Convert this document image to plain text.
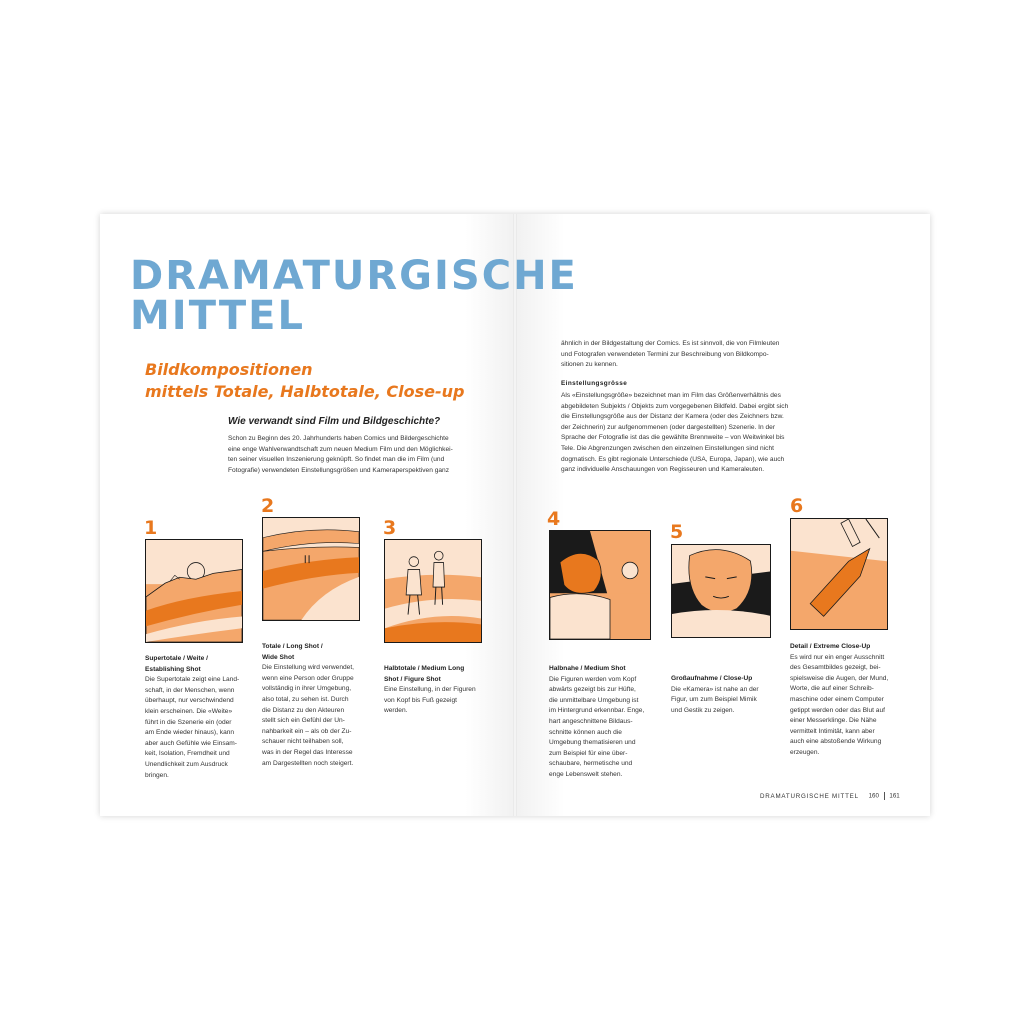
DRAMATURGISCHE
MITTEL
Bildkompositionen
mittels Totale, Halbtotale, Close-up
Wie verwandt sind Film und Bildgeschichte?
Schon zu Beginn des 20. Jahrhunderts haben Comics und Bildergeschichte
eine enge Wahlverwandtschaft zum neuen Medium Film und den Möglichkei-
ten seiner visuellen Inszenierung geknüpft. So findet man die im Film (und
Fotografie) verwendeten Einstellungsgrößen und Kameraperspektiven ganz
ähnlich in der Bildgestaltung der Comics. Es ist sinnvoll, die von Filmleuten
und Fotografen verwendeten Termini zur Beschreibung von Bildkompo-
sitionen zu kennen.
Einstellungsgrösse
Als «Einstellungsgröße» bezeichnet man im Film das Größenverhältnis des
abgebildeten Subjekts / Objekts zum vorgegebenen Bildfeld. Dabei ergibt sich
die Einstellungsgröße aus der Distanz der Kamera (oder des Zeichners bzw.
der Zeichnerin) zur aufgenommenen (oder dargestellten) Szenerie. In der
Sprache der Fotografie ist das die gewählte Brennweite – von Weitwinkel bis
Tele. Die Abgrenzungen zwischen den einzelnen Einstellungen sind nicht
dogmatisch. Es gibt regionale Unterschiede (USA, Europa, Japan), wie auch
ganz individuelle Anschauungen von Regisseuren und Kameraleuten.
1
Supertotale / Weite /
Establishing Shot
Die Supertotale zeigt eine Land-
schaft, in der Menschen, wenn
überhaupt, nur verschwindend
klein erscheinen. Die «Weite»
führt in die Szenerie ein (oder
am Ende wieder hinaus), kann
aber auch Gefühle wie Einsam-
keit, Isolation, Fremdheit und
Unendlichkeit zum Ausdruck
bringen.
2
Totale / Long Shot /
Wide Shot
Die Einstellung wird verwendet,
wenn eine Person oder Gruppe
vollständig in ihrer Umgebung,
also total, zu sehen ist. Durch
die Distanz zu den Akteuren
stellt sich ein Gefühl der Un-
nahbarkeit ein – als ob der Zu-
schauer nicht teilhaben soll,
was in der Regel das Interesse
am Dargestellten noch steigert.
3
Halbtotale / Medium Long
Shot / Figure Shot
Eine Einstellung, in der Figuren
von Kopf bis Fuß gezeigt
werden.
4
Halbnahe / Medium Shot
Die Figuren werden vom Kopf
abwärts gezeigt bis zur Hüfte,
die unmittelbare Umgebung ist
im Hintergrund erkennbar. Enge,
hart angeschnittene Bildaus-
schnitte können auch die
Umgebung thematisieren und
zum Beispiel für eine über-
schaubare, hermetische und
enge Lebenswelt stehen.
5
Großaufnahme / Close-Up
Die «Kamera» ist nahe an der
Figur, um zum Beispiel Mimik
und Gestik zu zeigen.
6
Detail / Extreme Close-Up
Es wird nur ein enger Ausschnitt
des Gesamtbildes gezeigt, bei-
spielsweise die Augen, der Mund,
Worte, die auf einer Schreib-
maschine oder einem Computer
getippt werden oder das Blut auf
einer Messerklinge. Die Nähe
vermittelt Intimität, kann aber
auch eine abstoßende Wirkung
erzeugen.
DRAMATURGISCHE MITTEL 160 161
